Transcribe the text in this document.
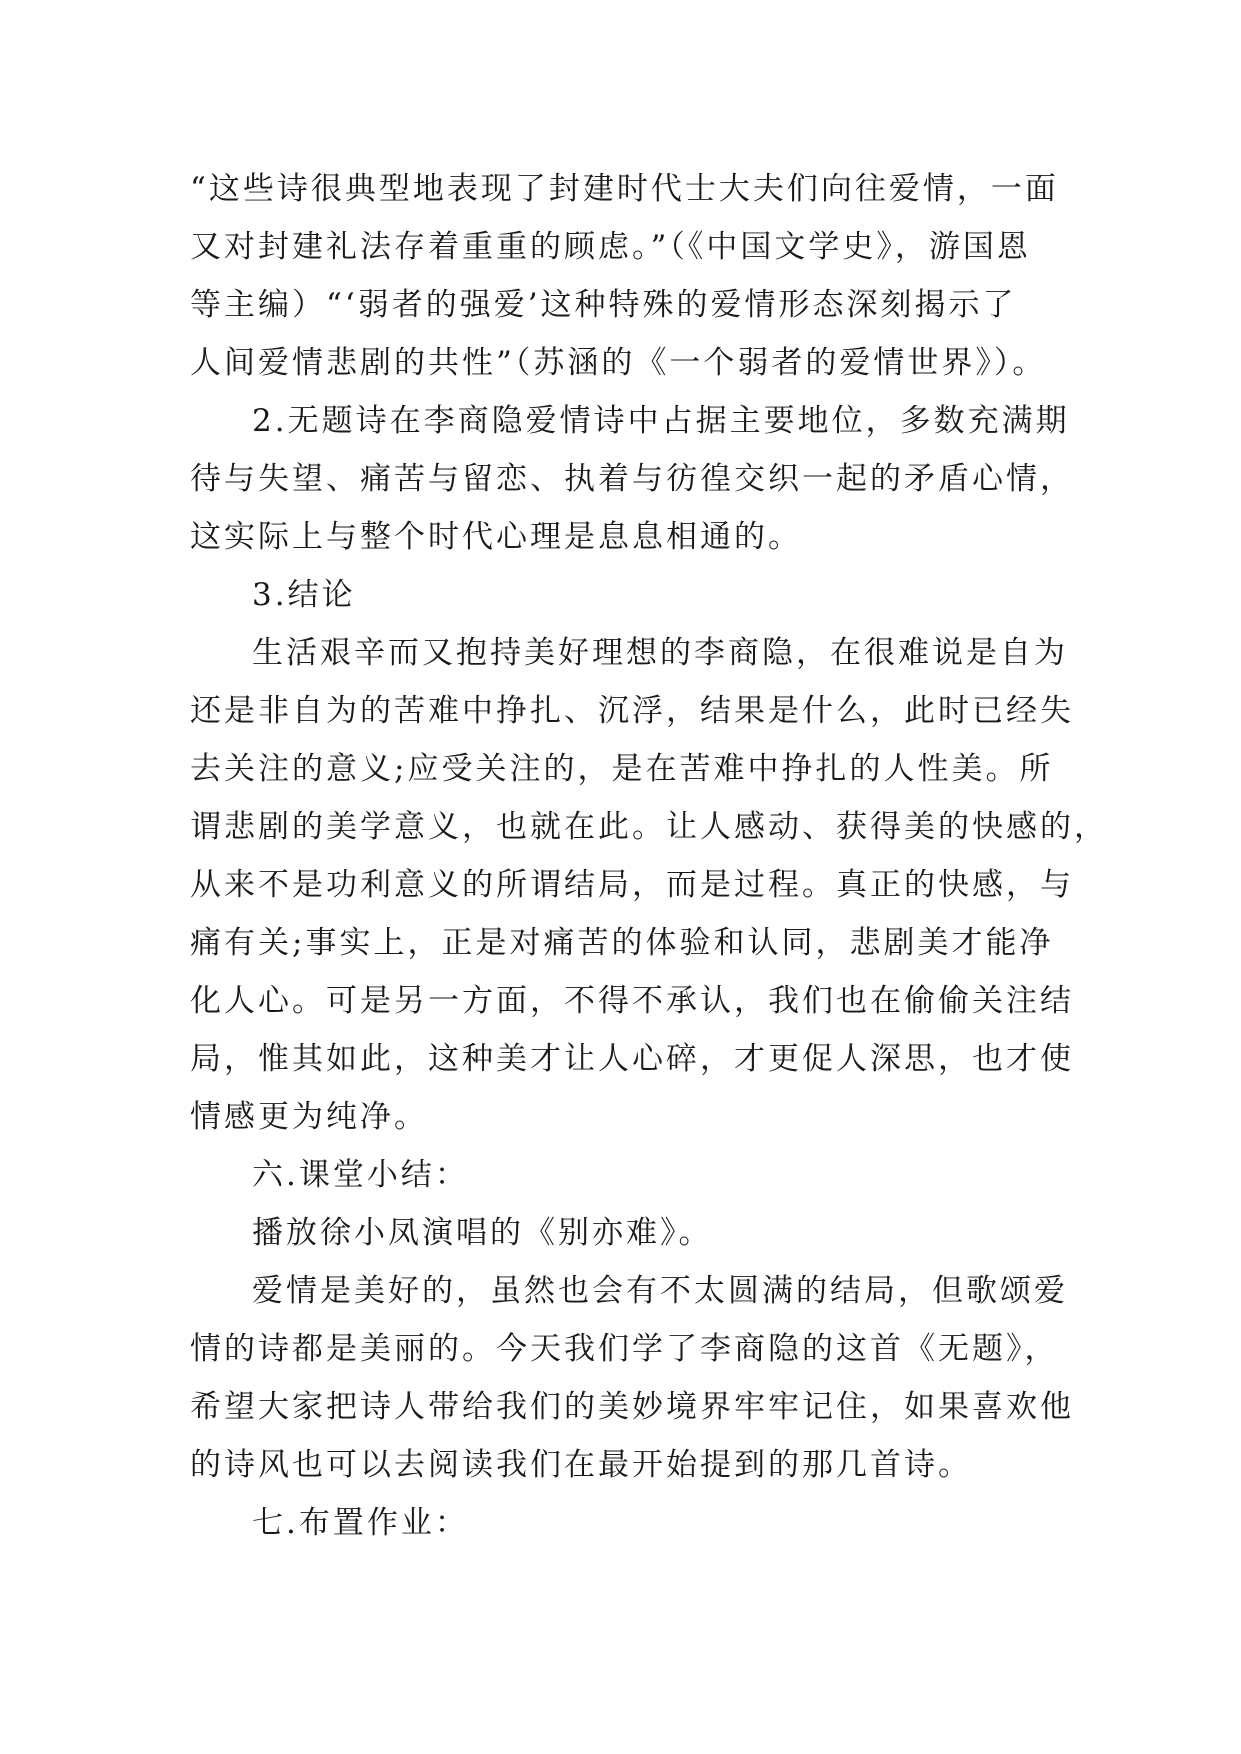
“这些诗很典型地表现了封建时代士大夫们向往爱情，一面
又对封建礼法存着重重的顾虑。”（《中国文学史》，游国恩
等主编）“‘弱者的强爱’这种特殊的爱情形态深刻揭示了
人间爱情悲剧的共性”（苏涵的《一个弱者的爱情世界》）。
2.无题诗在李商隐爱情诗中占据主要地位，多数充满期
待与失望、痛苦与留恋、执着与彷徨交织一起的矛盾心情，
这实际上与整个时代心理是息息相通的。
3.结论
生活艰辛而又抱持美好理想的李商隐，在很难说是自为
还是非自为的苦难中挣扎、沉浮，结果是什么，此时已经失
去关注的意义;应受关注的，是在苦难中挣扎的人性美。所
谓悲剧的美学意义，也就在此。让人感动、获得美的快感的，
从来不是功利意义的所谓结局，而是过程。真正的快感，与
痛有关;事实上，正是对痛苦的体验和认同，悲剧美才能净
化人心。可是另一方面，不得不承认，我们也在偷偷关注结
局，惟其如此，这种美才让人心碎，才更促人深思，也才使
情感更为纯净。
六.课堂小结：
播放徐小凤演唱的《别亦难》。
爱情是美好的，虽然也会有不太圆满的结局，但歌颂爱
情的诗都是美丽的。今天我们学了李商隐的这首《无题》，
希望大家把诗人带给我们的美妙境界牢牢记住，如果喜欢他
的诗风也可以去阅读我们在最开始提到的那几首诗。
七.布置作业：
